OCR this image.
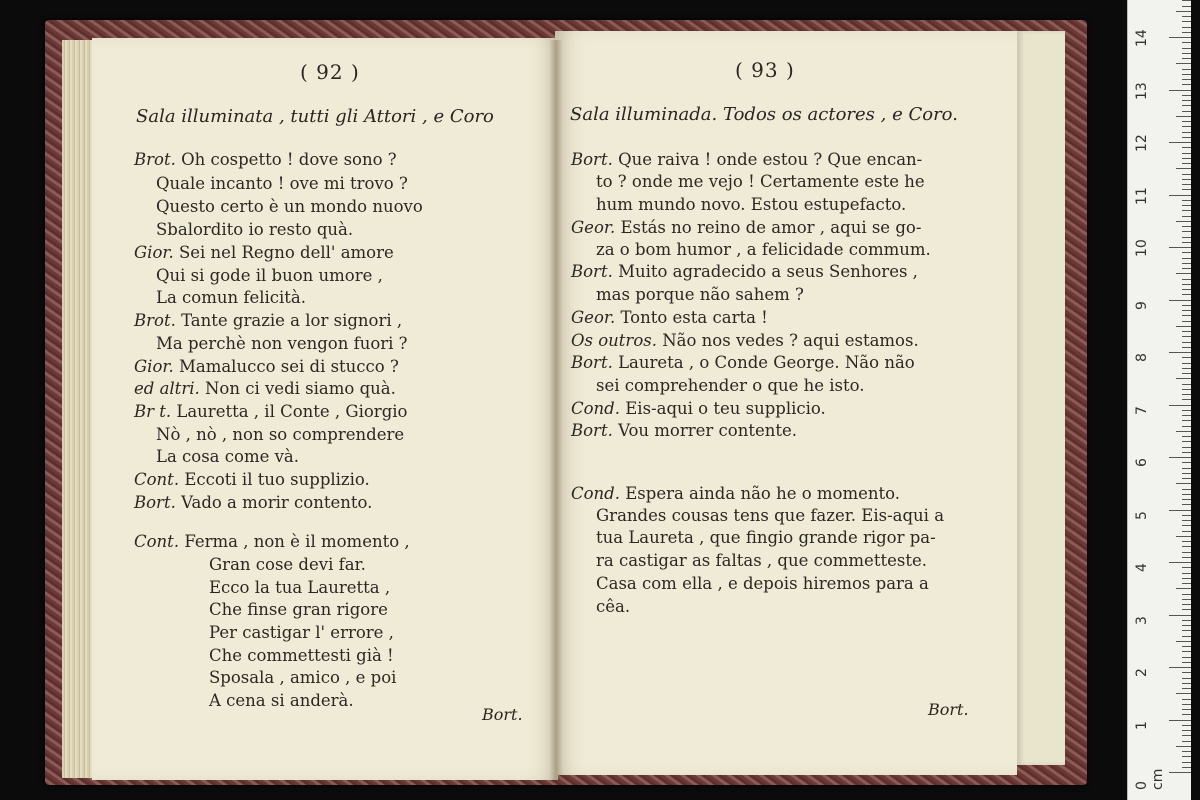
( 92 )
Sala illuminata , tutti gli Attori , e Coro
Brot. Oh cospetto ! dove sono ?
Quale incanto ! ove mi trovo ?
Questo certo è un mondo nuovo
Sbalordito io resto quà.
Gior. Sei nel Regno dell' amore
Qui si gode il buon umore ,
La comun felicità.
Brot. Tante grazie a lor signori ,
Ma perchè non vengon fuori ?
Gior. Mamalucco sei di stucco ?
ed altri. Non ci vedi siamo quà.
Br t. Lauretta , il Conte , Giorgio
Nò , nò , non so comprendere
La cosa come và.
Cont. Eccoti il tuo supplizio.
Bort. Vado a morir contento.
Cont. Ferma , non è il momento ,
Gran cose devi far.
Ecco la tua Lauretta ,
Che finse gran rigore
Per castigar l' errore ,
Che commettesti già !
Sposala , amico , e poi
A cena si anderà.
Bort.
( 93 )
Sala illuminada. Todos os actores , e Coro.
Bort. Que raiva ! onde estou ? Que encan-
to ? onde me vejo ! Certamente este he
hum mundo novo. Estou estupefacto.
Geor. Estás no reino de amor , aqui se go-
za o bom humor , a felicidade commum.
Bort. Muito agradecido a seus Senhores ,
mas porque não sahem ?
Geor. Tonto esta carta !
Os outros. Não nos vedes ? aqui estamos.
Bort. Laureta , o Conde George. Não não
sei comprehender o que he isto.
Cond. Eis-aqui o teu supplicio.
Bort. Vou morrer contente.
Cond. Espera ainda não he o momento.
Grandes cousas tens que fazer. Eis-aqui a
tua Laureta , que fingio grande rigor pa-
ra castigar as faltas , que commetteste.
Casa com ella , e depois hiremos para a
cêa.
Bort.
0 cm
1
2
3
4
5
6
7
8
9
10
11
12
13
14
